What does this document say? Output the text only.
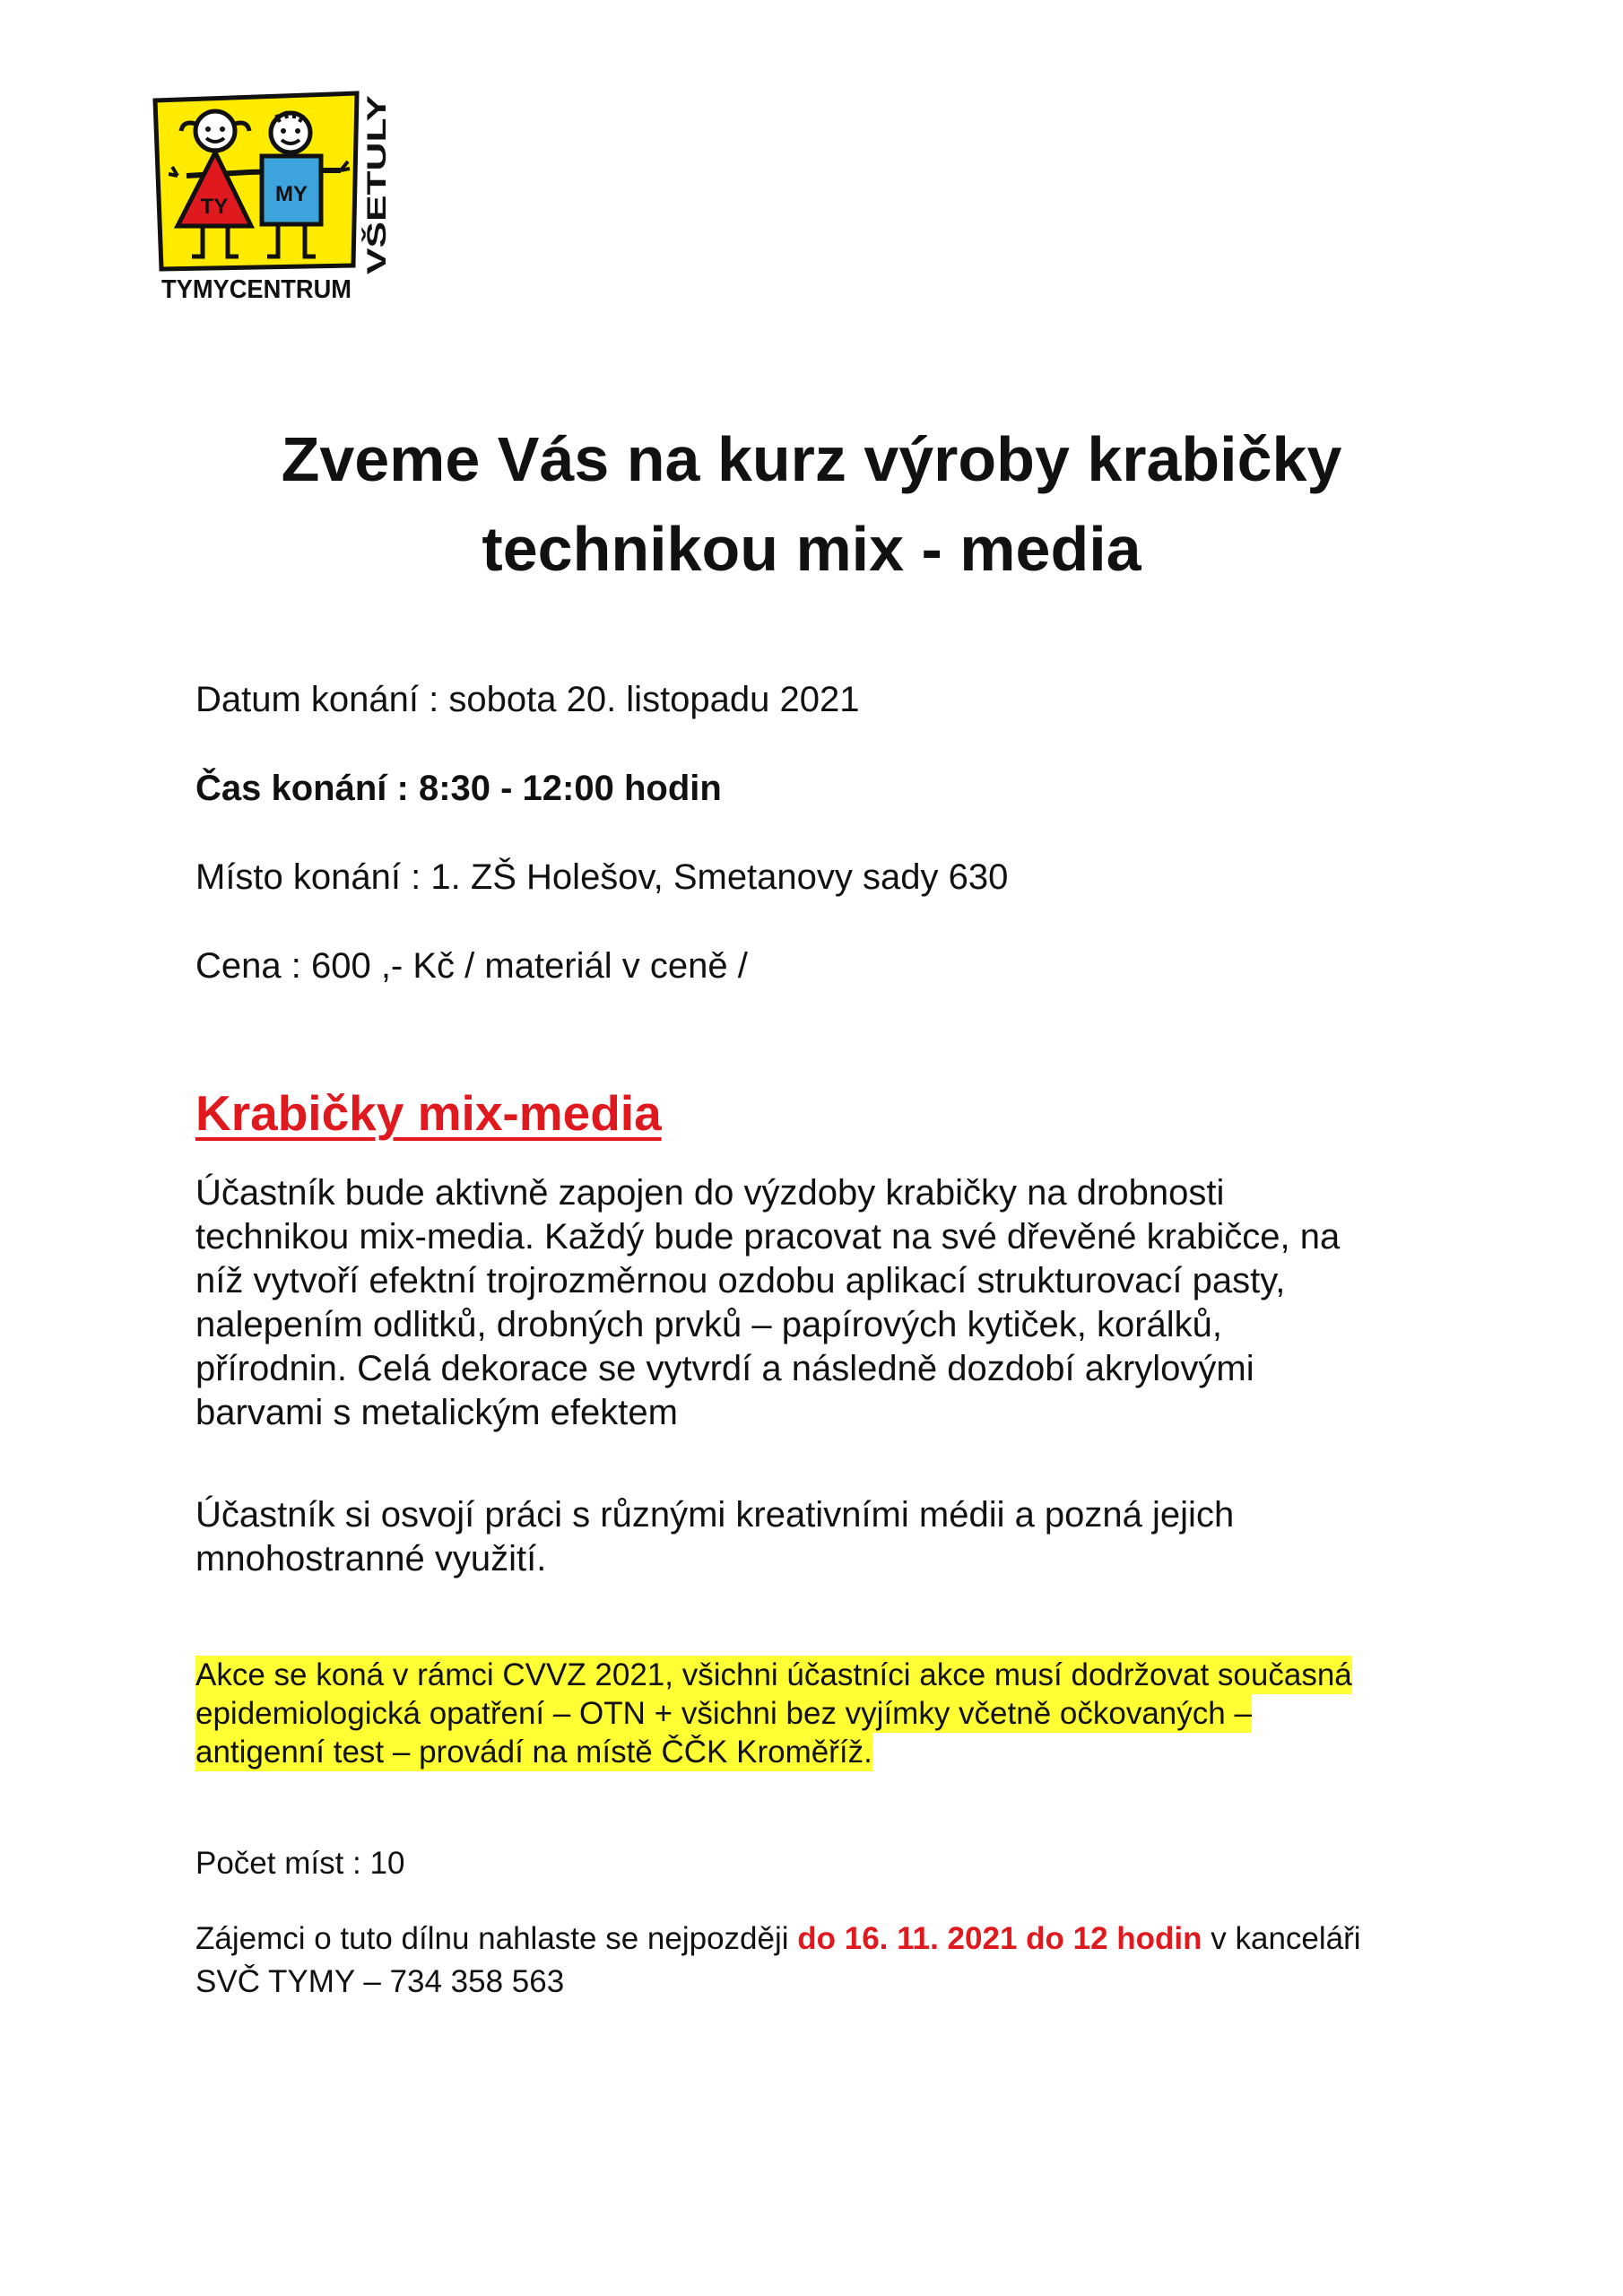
TY
MY
TYMYCENTRUM
VŠETULY
Zveme Vás na kurz výroby krabičky
technikou mix - media

Datum konání : sobota 20. listopadu 2021

Čas konání : 8:30 - 12:00 hodin

Místo konání : 1. ZŠ Holešov, Smetanovy sady 630

Cena : 600 ,- Kč / materiál v ceně /

Krabičky mix-media
Účastník bude aktivně zapojen do výzdoby krabičky na drobnosti
technikou mix-media. Každý bude pracovat na své dřevěné krabičce, na
níž vytvoří efektní trojrozměrnou ozdobu aplikací strukturovací pasty,
nalepením odlitků, drobných prvků – papírových kytiček, korálků,
přírodnin. Celá dekorace se vytvrdí a následně dozdobí akrylovými
barvami s metalickým efektem
Účastník si osvojí práci s různými kreativními médii a pozná jejich
mnohostranné využití.
Akce se koná v rámci CVVZ 2021, všichni účastníci akce musí dodržovat současná
epidemiologická opatření – OTN + všichni bez vyjímky včetně očkovaných –
antigenní test – provádí na místě ČČK Kroměříž.

Počet míst : 10

Zájemci o tuto dílnu nahlaste se nejpozději do 16. 11. 2021 do 12 hodin v kanceláři

SVČ TYMY – 734 358 563
